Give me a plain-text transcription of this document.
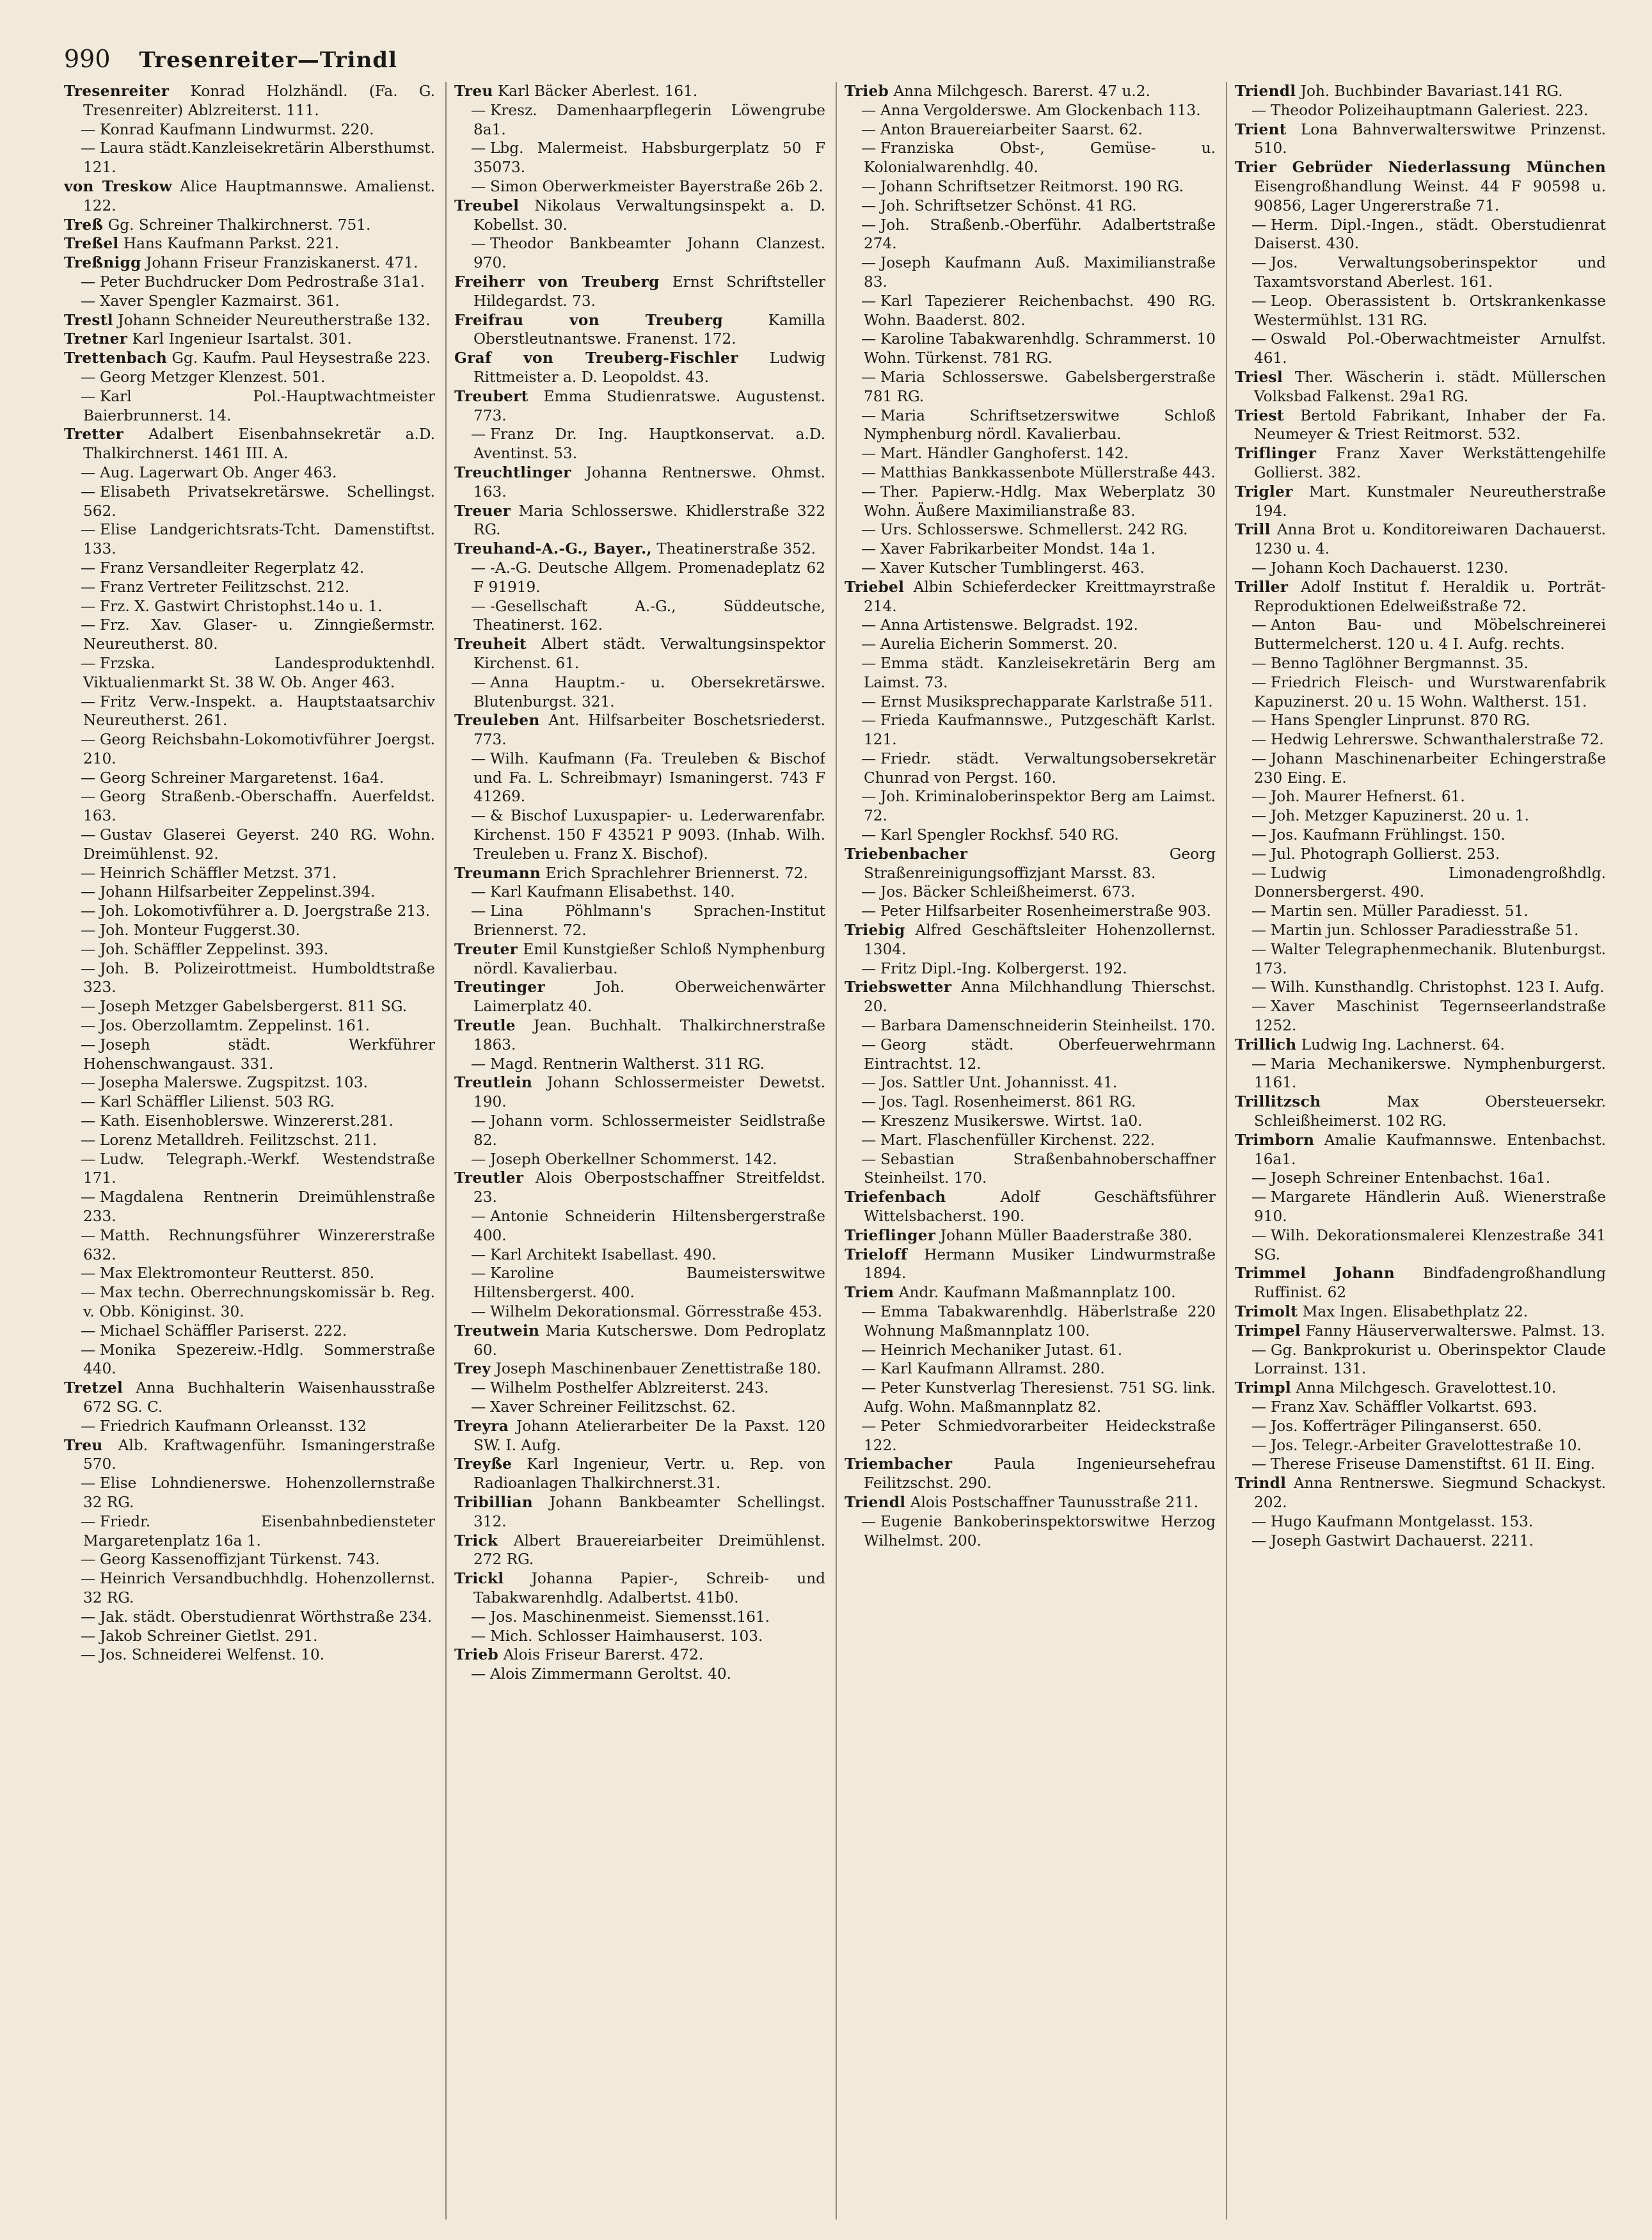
990 Tresenreiter—Trindl

Tresenreiter Konrad Holzhändl. (Fa. G. Tresenreiter) Ablzreiterst. 111.

— Konrad Kaufmann Lindwurmst. 220.

— Laura städt.Kanzleisekretärin Albersthumst. 121.

von Treskow Alice Hauptmannswe. Amalienst. 122.

Treß Gg. Schreiner Thalkirchnerst. 751.

Treßel Hans Kaufmann Parkst. 221.

Treßnigg Johann Friseur Franziskanerst. 471.

— Peter Buchdrucker Dom Pedrostraße 31a1.

— Xaver Spengler Kazmairst. 361.

Trestl Johann Schneider Neureutherstraße 132.

Tretner Karl Ingenieur Isartalst. 301.

Trettenbach Gg. Kaufm. Paul Heysestraße 223.

— Georg Metzger Klenzest. 501.

— Karl Pol.-Hauptwachtmeister Baierbrunnerst. 14.

Tretter Adalbert Eisenbahnsekretär a.D. Thalkirchnerst. 1461 III. A.

— Aug. Lagerwart Ob. Anger 463.

— Elisabeth Privatsekretärswe. Schellingst. 562.

— Elise Landgerichtsrats-Tcht. Damenstiftst. 133.

— Franz Versandleiter Regerplatz 42.

— Franz Vertreter Feilitzschst. 212.

— Frz. X. Gastwirt Christophst.14o u. 1.

— Frz. Xav. Glaser- u. Zinngießermstr. Neureutherst. 80.

— Frzska. Landesproduktenhdl. Viktualienmarkt St. 38 W. Ob. Anger 463.

— Fritz Verw.-Inspekt. a. Hauptstaatsarchiv Neureutherst. 261.

— Georg Reichsbahn-Lokomotivführer Joergst. 210.

— Georg Schreiner Margaretenst. 16a4.

— Georg Straßenb.-Oberschaffn. Auerfeldst. 163.

— Gustav Glaserei Geyerst. 240 RG. Wohn. Dreimühlenst. 92.

— Heinrich Schäffler Metzst. 371.

— Johann Hilfsarbeiter Zeppelinst.394.

— Joh. Lokomotivführer a. D. Joergstraße 213.

— Joh. Monteur Fuggerst.30.

— Joh. Schäffler Zeppelinst. 393.

— Joh. B. Polizeirottmeist. Humboldtstraße 323.

— Joseph Metzger Gabelsbergerst. 811 SG.

— Jos. Oberzollamtm. Zeppelinst. 161.

— Joseph städt. Werkführer Hohenschwangaust. 331.

— Josepha Malerswe. Zugspitzst. 103.

— Karl Schäffler Lilienst. 503 RG.

— Kath. Eisenhoblerswe. Winzererst.281.

— Lorenz Metalldreh. Feilitzschst. 211.

— Ludw. Telegraph.-Werkf. Westendstraße 171.

— Magdalena Rentnerin Dreimühlenstraße 233.

— Matth. Rechnungsführer Winzererstraße 632.

— Max Elektromonteur Reutterst. 850.

— Max techn. Oberrechnungskomissär b. Reg. v. Obb. Königinst. 30.

— Michael Schäffler Pariserst. 222.

— Monika Spezereiw.-Hdlg. Sommerstraße 440.

Tretzel Anna Buchhalterin Waisenhausstraße 672 SG. C.

— Friedrich Kaufmann Orleansst. 132

Treu Alb. Kraftwagenführ. Ismaningerstraße 570.

— Elise Lohndienerswe. Hohenzollernstraße 32 RG.

— Friedr. Eisenbahnbediensteter Margaretenplatz 16a 1.

— Georg Kassenoffizjant Türkenst. 743.

— Heinrich Versandbuchhdlg. Hohenzollernst. 32 RG.

— Jak. städt. Oberstudienrat Wörthstraße 234.

— Jakob Schreiner Gietlst. 291.

— Jos. Schneiderei Welfenst. 10.

Treu Karl Bäcker Aberlest. 161.

— Kresz. Damenhaarpflegerin Löwengrube 8a1.

— Lbg. Malermeist. Habsburgerplatz 50 F 35073.

— Simon Oberwerkmeister Bayerstraße 26b 2.

Treubel Nikolaus Verwaltungsinspekt a. D. Kobellst. 30.

— Theodor Bankbeamter Johann Clanzest. 970.

Freiherr von Treuberg Ernst Schriftsteller Hildegardst. 73.

Freifrau von Treuberg	Kamilla Oberstleutnantswe. Franenst. 172.

Graf von Treuberg-Fischler Ludwig Rittmeister a. D. Leopoldst. 43.

Treubert Emma Studienratswe. Augustenst. 773.

— Franz Dr. Ing. Hauptkonservat. a.D. Aventinst. 53.

Treuchtlinger Johanna Rentnerswe. Ohmst. 163.

Treuer Maria Schlosserswe. Khidlerstraße 322 RG.

Treuhand-A.-G., Bayer., Theatinerstraße 352.

— -A.-G. Deutsche Allgem. Promenadeplatz 62 F 91919.

— -Gesellschaft A.-G., Süddeutsche, Theatinerst. 162.

Treuheit Albert städt. Verwaltungsinspektor Kirchenst. 61.

— Anna Hauptm.- u. Obersekretärswe. Blutenburgst. 321.

Treuleben Ant. Hilfsarbeiter Boschetsriederst. 773.

— Wilh. Kaufmann (Fa. Treuleben & Bischof und Fa. L. Schreibmayr) Ismaningerst. 743 F 41269.

— & Bischof Luxuspapier- u. Lederwarenfabr. Kirchenst. 150 F 43521 P 9093. (Inhab. Wilh. Treuleben u. Franz X. Bischof).

Treumann Erich Sprachlehrer Briennerst. 72.

— Karl Kaufmann Elisabethst. 140.

— Lina Pöhlmann's Sprachen-Institut Briennerst. 72.

Treuter Emil Kunstgießer Schloß Nymphenburg nördl. Kavalierbau.

Treutinger	Joh. Oberweichenwärter Laimerplatz 40.

Treutle Jean. Buchhalt. Thalkirchnerstraße 1863.

— Magd. Rentnerin Waltherst. 311 RG.

Treutlein Johann Schlossermeister Dewetst. 190.

— Johann vorm. Schlossermeister Seidlstraße 82.

— Joseph Oberkellner Schommerst. 142.

Treutler Alois Oberpostschaffner Streitfeldst. 23.

— Antonie Schneiderin Hiltensbergerstraße 400.

— Karl Architekt Isabellast. 490.

— Karoline Baumeisterswitwe Hiltensbergerst. 400.

— Wilhelm Dekorationsmal. Görresstraße 453.

Treutwein Maria Kutscherswe. Dom Pedroplatz 60.

Trey Joseph Maschinenbauer Zenettistraße 180.

— Wilhelm Posthelfer Ablzreiterst. 243.

— Xaver Schreiner Feilitzschst. 62.

Treyra Johann Atelierarbeiter De la Paxst. 120 SW. I. Aufg.

Treyße Karl Ingenieur, Vertr. u. Rep. von Radioanlagen Thalkirchnerst.31.

Tribillian Johann Bankbeamter Schellingst. 312.

Trick Albert Brauereiarbeiter Dreimühlenst. 272 RG.

Trickl Johanna Papier-, Schreib- und Tabakwarenhdlg. Adalbertst. 41b0.

— Jos. Maschinenmeist. Siemensst.161.

— Mich. Schlosser Haimhauserst. 103.

Trieb Alois Friseur Barerst. 472.

— Alois Zimmermann Geroltst. 40.

Trieb Anna Milchgesch. Barerst. 47 u.2.

— Anna Vergolderswe. Am Glockenbach 113.

— Anton Brauereiarbeiter Saarst. 62.

— Franziska Obst-, Gemüse- u. Kolonialwarenhdlg. 40.

— Johann Schriftsetzer Reitmorst. 190 RG.

— Joh. Schriftsetzer Schönst. 41 RG.

— Joh. Straßenb.-Oberführ. Adalbertstraße 274.

— Joseph Kaufmann Auß. Maximilianstraße 83.

— Karl Tapezierer Reichenbachst. 490 RG. Wohn. Baaderst. 802.

— Karoline Tabakwarenhdlg. Schrammerst. 10 Wohn. Türkenst. 781 RG.

— Maria Schlosserswe. Gabelsbergerstraße 781 RG.

— Maria Schriftsetzerswitwe Schloß Nymphenburg nördl. Kavalierbau.

— Mart. Händler Ganghoferst. 142.

— Matthias Bankkassenbote Müllerstraße 443.

— Ther. Papierw.-Hdlg. Max Weberplatz 30 Wohn. Äußere Maximilianstraße 83.

— Urs. Schlosserswe. Schmellerst. 242 RG.

— Xaver Fabrikarbeiter Mondst. 14a 1.

— Xaver Kutscher Tumblingerst. 463.

Triebel Albin Schieferdecker Kreittmayrstraße 214.

— Anna Artistenswe. Belgradst. 192.

— Aurelia Eicherin Sommerst. 20.

— Emma städt. Kanzleisekretärin Berg am Laimst. 73.

— Ernst Musiksprechapparate Karlstraße 511.

— Frieda Kaufmannswe., Putzgeschäft Karlst. 121.

— Friedr. städt. Verwaltungsobersekretär Chunrad von Pergst. 160.

— Joh. Kriminaloberinspektor Berg am Laimst. 72.

— Karl Spengler Rockhsf. 540 RG.

Triebenbacher	Georg Straßenreinigungsoffizjant Marsst. 83.

— Jos. Bäcker Schleißheimerst. 673.

— Peter Hilfsarbeiter Rosenheimerstraße 903.

Triebig Alfred Geschäftsleiter Hohenzollernst. 1304.

— Fritz Dipl.-Ing. Kolbergerst. 192.

Triebswetter Anna Milchhandlung Thierschst. 20.

— Barbara Damenschneiderin Steinheilst. 170.

— Georg städt. Oberfeuerwehrmann Eintrachtst. 12.

— Jos. Sattler Unt. Johannisst. 41.

— Jos. Tagl. Rosenheimerst. 861 RG.

— Kreszenz Musikerswe. Wirtst. 1a0.

— Mart. Flaschenfüller Kirchenst. 222.

— Sebastian Straßenbahnoberschaffner Steinheilst. 170.

Triefenbach	Adolf Geschäftsführer Wittelsbacherst. 190.

Trieflinger Johann Müller Baaderstraße 380.

Trieloff Hermann Musiker Lindwurmstraße 1894.

Triem Andr. Kaufmann Maßmannplatz 100.

— Emma Tabakwarenhdlg. Häberlstraße 220 Wohnung Maßmannplatz 100.

— Heinrich Mechaniker Jutast. 61.

— Karl Kaufmann Allramst. 280.

— Peter Kunstverlag Theresienst. 751 SG. link. Aufg. Wohn. Maßmannplatz 82.

— Peter Schmiedvorarbeiter Heideckstraße 122.

Triembacher	Paula Ingenieursehefrau Feilitzschst. 290.

Triendl Alois Postschaffner Taunusstraße 211.

— Eugenie Bankoberinspektorswitwe Herzog Wilhelmst. 200.

Triendl Joh. Buchbinder Bavariast.141 RG.

— Theodor Polizeihauptmann Galeriest. 223.

Trient Lona Bahnverwalterswitwe Prinzenst. 510.

Trier Gebrüder Niederlassung München Eisengroßhandlung Weinst. 44 F 90598 u. 90856, Lager Ungererstraße 71.

— Herm. Dipl.-Ingen., städt. Oberstudienrat Daiserst. 430.

— Jos. Verwaltungsoberinspektor und Taxamtsvorstand Aberlest. 161.

— Leop. Oberassistent b. Ortskrankenkasse Westermühlst. 131 RG.

— Oswald Pol.-Oberwachtmeister Arnulfst. 461.

Triesl Ther. Wäscherin i. städt. Müllerschen Volksbad Falkenst. 29a1 RG.

Triest Bertold Fabrikant, Inhaber der Fa. Neumeyer & Triest Reitmorst. 532.

Triflinger Franz Xaver Werkstättengehilfe Gollierst. 382.

Trigler Mart. Kunstmaler Neureutherstraße 194.

Trill Anna Brot u. Konditoreiwaren Dachauerst. 1230 u. 4.

— Johann Koch Dachauerst. 1230.

Triller Adolf Institut f. Heraldik u. Porträt-Reproduktionen Edelweißstraße 72.

— Anton Bau- und Möbelschreinerei Buttermelcherst. 120 u. 4 I. Aufg. rechts.

— Benno Taglöhner Bergmannst. 35.

— Friedrich Fleisch- und Wurstwarenfabrik Kapuzinerst. 20 u. 15 Wohn. Waltherst. 151.

— Hans Spengler Linprunst. 870 RG.

— Hedwig Lehrerswe. Schwanthalerstraße 72.

— Johann Maschinenarbeiter Echingerstraße 230 Eing. E.

— Joh. Maurer Hefnerst. 61.

— Joh. Metzger Kapuzinerst. 20 u. 1.

— Jos. Kaufmann Frühlingst. 150.

— Jul. Photograph Gollierst. 253.

— Ludwig Limonadengroßhdlg. Donnersbergerst. 490.

— Martin sen. Müller Paradiesst. 51.

— Martin jun. Schlosser Paradiesstraße 51.

— Walter Telegraphenmechanik. Blutenburgst. 173.

— Wilh. Kunsthandlg. Christophst. 123 I. Aufg.

— Xaver Maschinist Tegernseerlandstraße 1252.

Trillich Ludwig Ing. Lachnerst. 64.

— Maria Mechanikerswe. Nymphenburgerst. 1161.

Trillitzsch	Max Obersteuersekr. Schleißheimerst. 102 RG.

Trimborn Amalie Kaufmannswe. Entenbachst. 16a1.

— Joseph Schreiner Entenbachst. 16a1.

— Margarete Händlerin Auß. Wienerstraße 910.

— Wilh. Dekorationsmalerei Klenzestraße 341 SG.

Trimmel Johann Bindfadengroßhandlung Ruffinist. 62

Trimolt Max Ingen. Elisabethplatz 22.

Trimpel Fanny Häuserverwalterswe. Palmst. 13.

— Gg. Bankprokurist u. Oberinspektor Claude Lorrainst. 131.

Trimpl Anna Milchgesch. Gravelottest.10.

— Franz Xav. Schäffler Volkartst. 693.

— Jos. Kofferträger Pilinganserst. 650.

— Jos. Telegr.-Arbeiter Gravelottestraße 10.

— Therese Friseuse Damenstiftst. 61 II. Eing.

Trindl Anna Rentnerswe. Siegmund Schackyst. 202.

— Hugo Kaufmann Montgelasst. 153.

— Joseph Gastwirt Dachauerst. 2211.
